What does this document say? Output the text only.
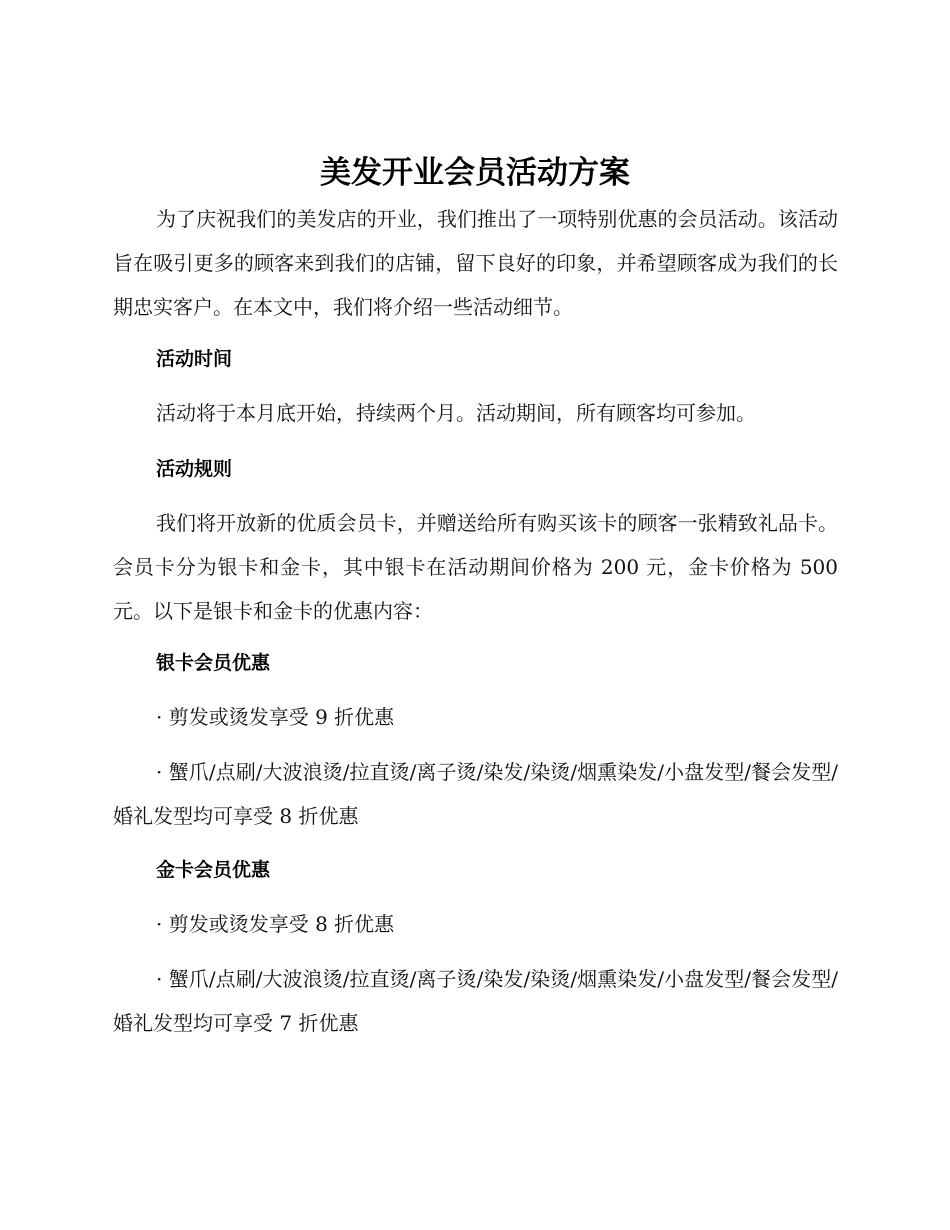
美发开业会员活动方案

为了庆祝我们的美发店的开业，我们推出了一项特别优惠的会员活动。该活动旨在吸引更多的顾客来到我们的店铺，留下良好的印象，并希望顾客成为我们的长期忠实客户。在本文中，我们将介绍一些活动细节。

活动时间

活动将于本月底开始，持续两个月。活动期间，所有顾客均可参加。

活动规则

我们将开放新的优质会员卡，并赠送给所有购买该卡的顾客一张精致礼品卡。会员卡分为银卡和金卡，其中银卡在活动期间价格为 200 元，金卡价格为 500 元。以下是银卡和金卡的优惠内容：

银卡会员优惠

· 剪发或烫发享受 9 折优惠

· 蟹爪/点刷/大波浪烫/拉直烫/离子烫/染发/染烫/烟熏染发/小盘发型/餐会发型/婚礼发型均可享受 8 折优惠

金卡会员优惠

· 剪发或烫发享受 8 折优惠

· 蟹爪/点刷/大波浪烫/拉直烫/离子烫/染发/染烫/烟熏染发/小盘发型/餐会发型/婚礼发型均可享受 7 折优惠
